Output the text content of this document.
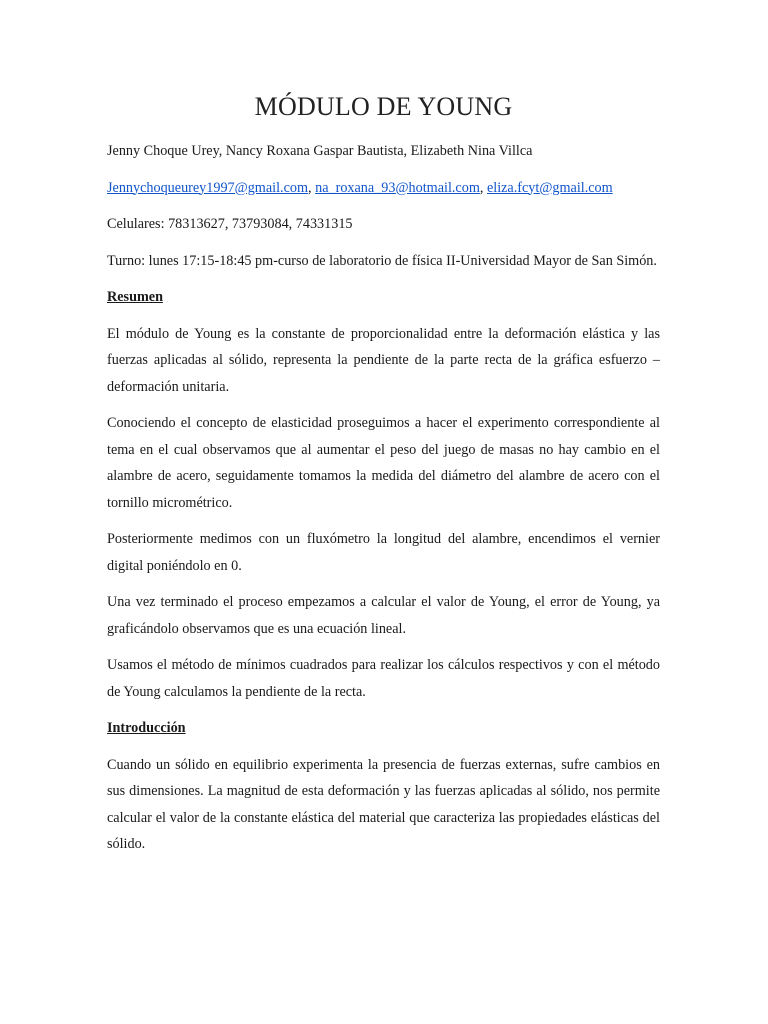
MÓDULO DE YOUNG

Jenny Choque Urey, Nancy Roxana Gaspar Bautista, Elizabeth Nina Villca

Jennychoqueurey1997@gmail.com, na_roxana_93@hotmail.com, eliza.fcyt@gmail.com

Celulares: 78313627, 73793084, 74331315

Turno: lunes 17:15-18:45 pm-curso de laboratorio de física II-Universidad Mayor de San Simón.

Resumen

El módulo de Young es la constante de proporcionalidad entre la deformación elástica y las fuerzas aplicadas al sólido, representa la pendiente de la parte recta de la gráfica esfuerzo – deformación unitaria.

Conociendo el concepto de elasticidad proseguimos a hacer el experimento correspondiente al tema en el cual observamos que al aumentar el peso del juego de masas no hay cambio en el alambre de acero, seguidamente tomamos la medida del diámetro del alambre de acero con el tornillo micrométrico.

Posteriormente medimos con un fluxómetro la longitud del alambre, encendimos el vernier digital poniéndolo en 0.

Una vez terminado el proceso empezamos a calcular el valor de Young, el error de Young, ya graficándolo observamos que es una ecuación lineal.

Usamos el método de mínimos cuadrados para realizar los cálculos respectivos y con el método de Young calculamos la pendiente de la recta.

Introducción

Cuando un sólido en equilibrio experimenta la presencia de fuerzas externas, sufre cambios en sus dimensiones. La magnitud de esta deformación y las fuerzas aplicadas al sólido, nos permite calcular el valor de la constante elástica del material que caracteriza las propiedades elásticas del sólido.
